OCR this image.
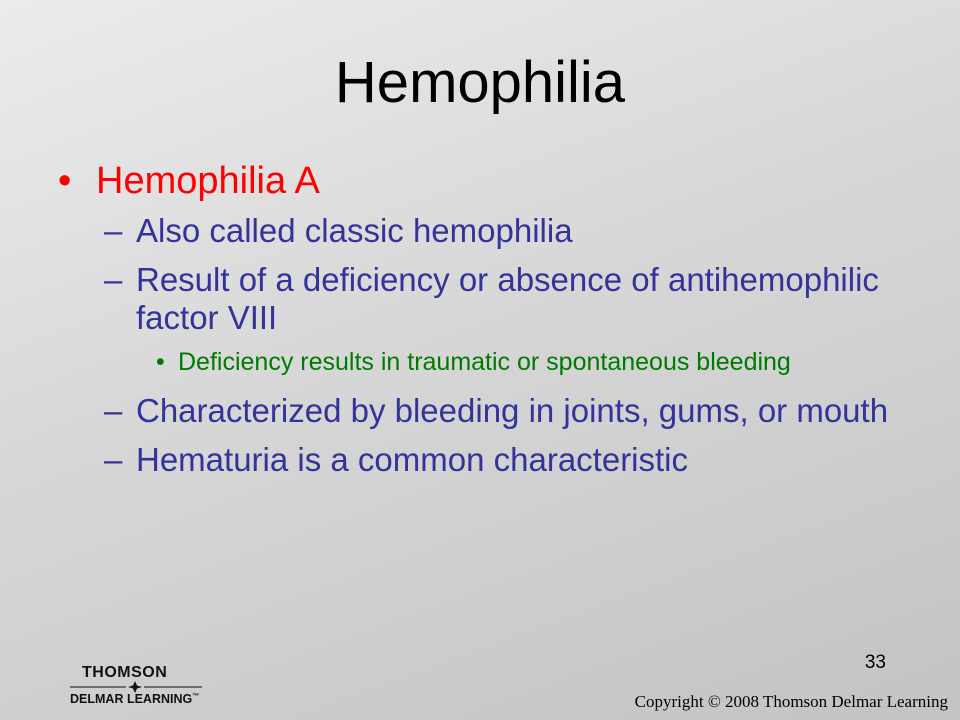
Hemophilia
• Hemophilia A
– Also called classic hemophilia
– Result of a deficiency or absence of antihemophilic factor VIII
• Deficiency results in traumatic or spontaneous bleeding
– Characterized by bleeding in joints, gums, or mouth
– Hematuria is a common characteristic
33
THOMSON
DELMAR LEARNING™	Copyright © 2008 Thomson Delmar Learning
